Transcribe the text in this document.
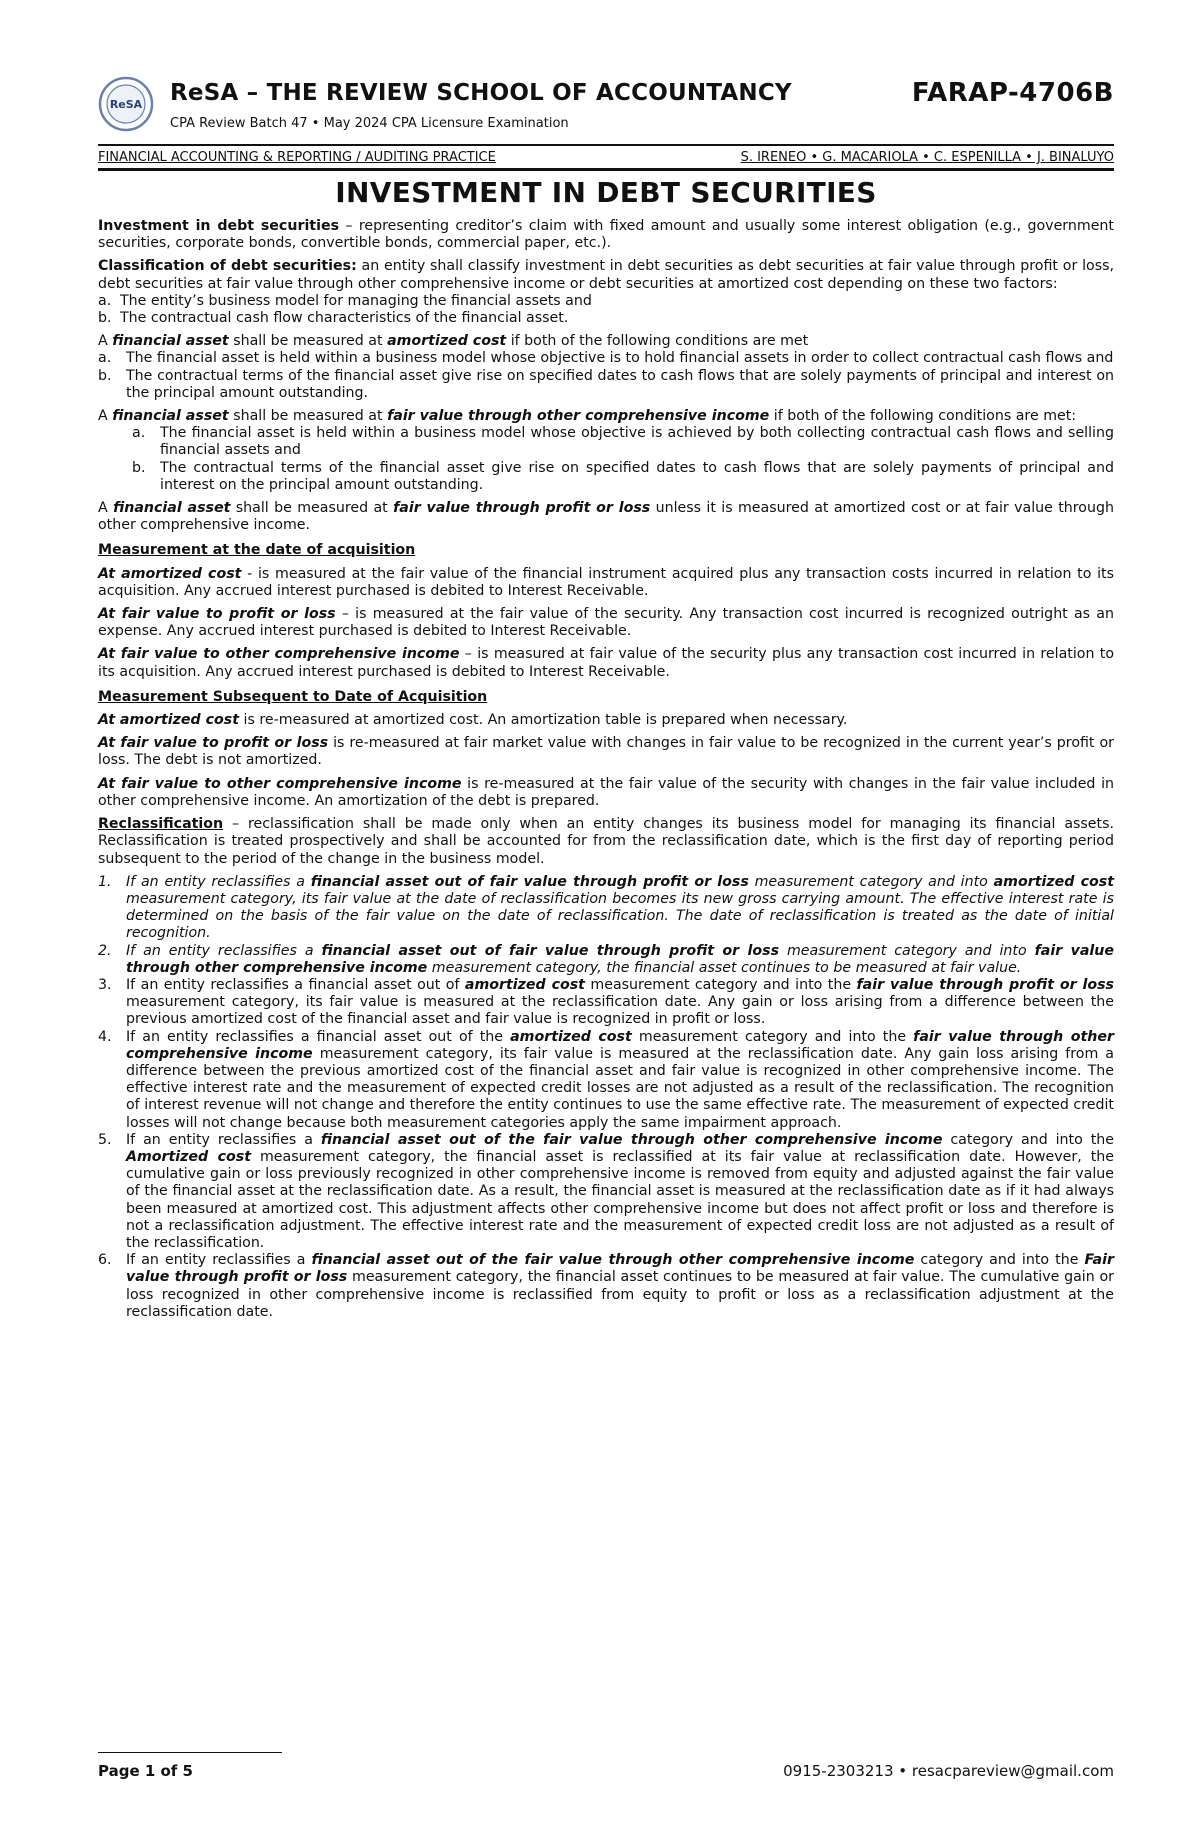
ReSA ReSA – THE REVIEW SCHOOL OF ACCOUNTANCY
CPA Review Batch 47 • May 2024 CPA Licensure Examination
FARAP-4706B
FINANCIAL ACCOUNTING & REPORTING / AUDITING PRACTICE	S. IRENEO • G. MACARIOLA • C. ESPENILLA • J. BINALUYO
INVESTMENT IN DEBT SECURITIES

Investment in debt securities – representing creditor’s claim with fixed amount and usually some interest obligation (e.g., government securities, corporate bonds, convertible bonds, commercial paper, etc.).

Classification of debt securities: an entity shall classify investment in debt securities as debt securities at fair value through profit or loss, debt securities at fair value through other comprehensive income or debt securities at amortized cost depending on these two factors:

a. The entity’s business model for managing the financial assets and
b. The contractual cash flow characteristics of the financial asset.

A financial asset shall be measured at amortized cost if both of the following conditions are met

a.	The financial asset is held within a business model whose objective is to hold financial assets in order to collect contractual cash flows and
b.	The contractual terms of the financial asset give rise on specified dates to cash flows that are solely payments of principal and interest on the principal amount outstanding.

A financial asset shall be measured at fair value through other comprehensive income if both of the following conditions are met:

a.	The financial asset is held within a business model whose objective is achieved by both collecting contractual cash flows and selling financial assets and
b.	The contractual terms of the financial asset give rise on specified dates to cash flows that are solely payments of principal and interest on the principal amount outstanding.

A financial asset shall be measured at fair value through profit or loss unless it is measured at amortized cost or at fair value through other comprehensive income.

Measurement at the date of acquisition

At amortized cost - is measured at the fair value of the financial instrument acquired plus any transaction costs incurred in relation to its acquisition. Any accrued interest purchased is debited to Interest Receivable.

At fair value to profit or loss – is measured at the fair value of the security. Any transaction cost incurred is recognized outright as an expense. Any accrued interest purchased is debited to Interest Receivable.

At fair value to other comprehensive income – is measured at fair value of the security plus any transaction cost incurred in relation to its acquisition. Any accrued interest purchased is debited to Interest Receivable.

Measurement Subsequent to Date of Acquisition

At amortized cost is re-measured at amortized cost. An amortization table is prepared when necessary.

At fair value to profit or loss is re-measured at fair market value with changes in fair value to be recognized in the current year’s profit or loss. The debt is not amortized.

At fair value to other comprehensive income is re-measured at the fair value of the security with changes in the fair value included in other comprehensive income. An amortization of the debt is prepared.

Reclassification – reclassification shall be made only when an entity changes its business model for managing its financial assets. Reclassification is treated prospectively and shall be accounted for from the reclassification date, which is the first day of reporting period subsequent to the period of the change in the business model.

1.	If an entity reclassifies a financial asset out of fair value through profit or loss measurement category and into amortized cost measurement category, its fair value at the date of reclassification becomes its new gross carrying amount. The effective interest rate is determined on the basis of the fair value on the date of reclassification. The date of reclassification is treated as the date of initial recognition.
2.	If an entity reclassifies a financial asset out of fair value through profit or loss measurement category and into fair value through other comprehensive income measurement category, the financial asset continues to be measured at fair value.
3.	If an entity reclassifies a financial asset out of amortized cost measurement category and into the fair value through profit or loss measurement category, its fair value is measured at the reclassification date. Any gain or loss arising from a difference between the previous amortized cost of the financial asset and fair value is recognized in profit or loss.
4.	If an entity reclassifies a financial asset out of the amortized cost measurement category and into the fair value through other comprehensive income measurement category, its fair value is measured at the reclassification date. Any gain loss arising from a difference between the previous amortized cost of the financial asset and fair value is recognized in other comprehensive income. The effective interest rate and the measurement of expected credit losses are not adjusted as a result of the reclassification. The recognition of interest revenue will not change and therefore the entity continues to use the same effective rate. The measurement of expected credit losses will not change because both measurement categories apply the same impairment approach.
5.	If an entity reclassifies a financial asset out of the fair value through other comprehensive income category and into the Amortized cost measurement category, the financial asset is reclassified at its fair value at reclassification date. However, the cumulative gain or loss previously recognized in other comprehensive income is removed from equity and adjusted against the fair value of the financial asset at the reclassification date. As a result, the financial asset is measured at the reclassification date as if it had always been measured at amortized cost. This adjustment affects other comprehensive income but does not affect profit or loss and therefore is not a reclassification adjustment. The effective interest rate and the measurement of expected credit loss are not adjusted as a result of the reclassification.
6.	If an entity reclassifies a financial asset out of the fair value through other comprehensive income category and into the Fair value through profit or loss measurement category, the financial asset continues to be measured at fair value. The cumulative gain or loss recognized in other comprehensive income is reclassified from equity to profit or loss as a reclassification adjustment at the reclassification date.
Page 1 of 5	0915-2303213 • resacpareview@gmail.com
